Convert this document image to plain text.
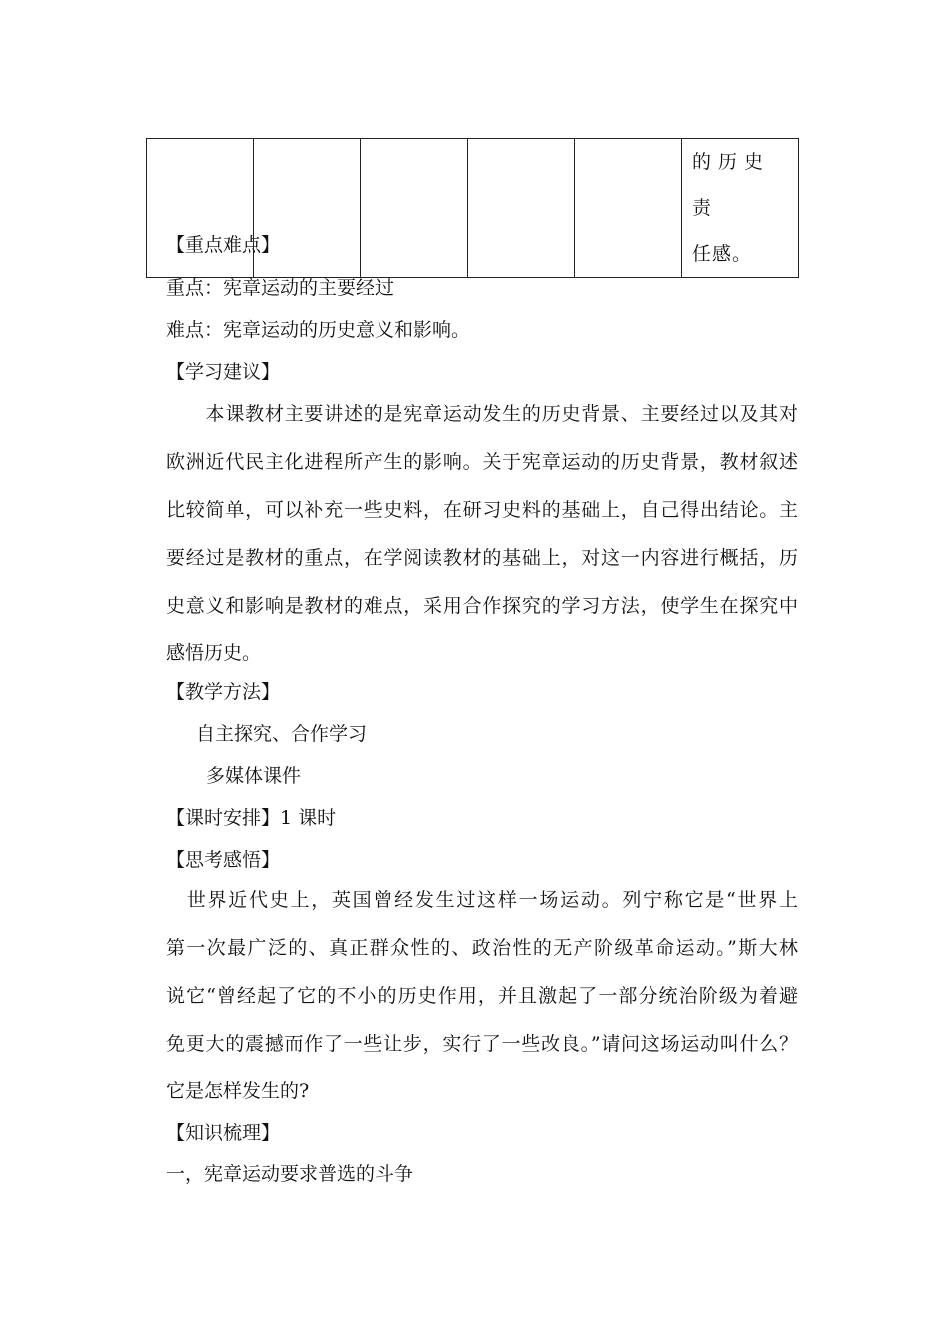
的历史责
任感。
【重点难点】
重点：宪章运动的主要经过
难点：宪章运动的历史意义和影响。
【学习建议】
　　本课教材主要讲述的是宪章运动发生的历史背景、主要经过以及其对
欧洲近代民主化进程所产生的影响。关于宪章运动的历史背景，教材叙述
比较简单，可以补充一些史料，在研习史料的基础上，自己得出结论。主
要经过是教材的重点，在学阅读教材的基础上，对这一内容进行概括，历
史意义和影响是教材的难点，采用合作探究的学习方法，使学生在探究中
感悟历史。
【教学方法】
自主探究、合作学习
多媒体课件
【课时安排】1 课时
【思考感悟】
　世界近代史上，英国曾经发生过这样一场运动。列宁称它是“世界上
第一次最广泛的、真正群众性的、政治性的无产阶级革命运动。”斯大林
说它“曾经起了它的不小的历史作用，并且激起了一部分统治阶级为着避
免更大的震撼而作了一些让步，实行了一些改良。”请问这场运动叫什么？
它是怎样发生的?
【知识梳理】
一，宪章运动要求普选的斗争
